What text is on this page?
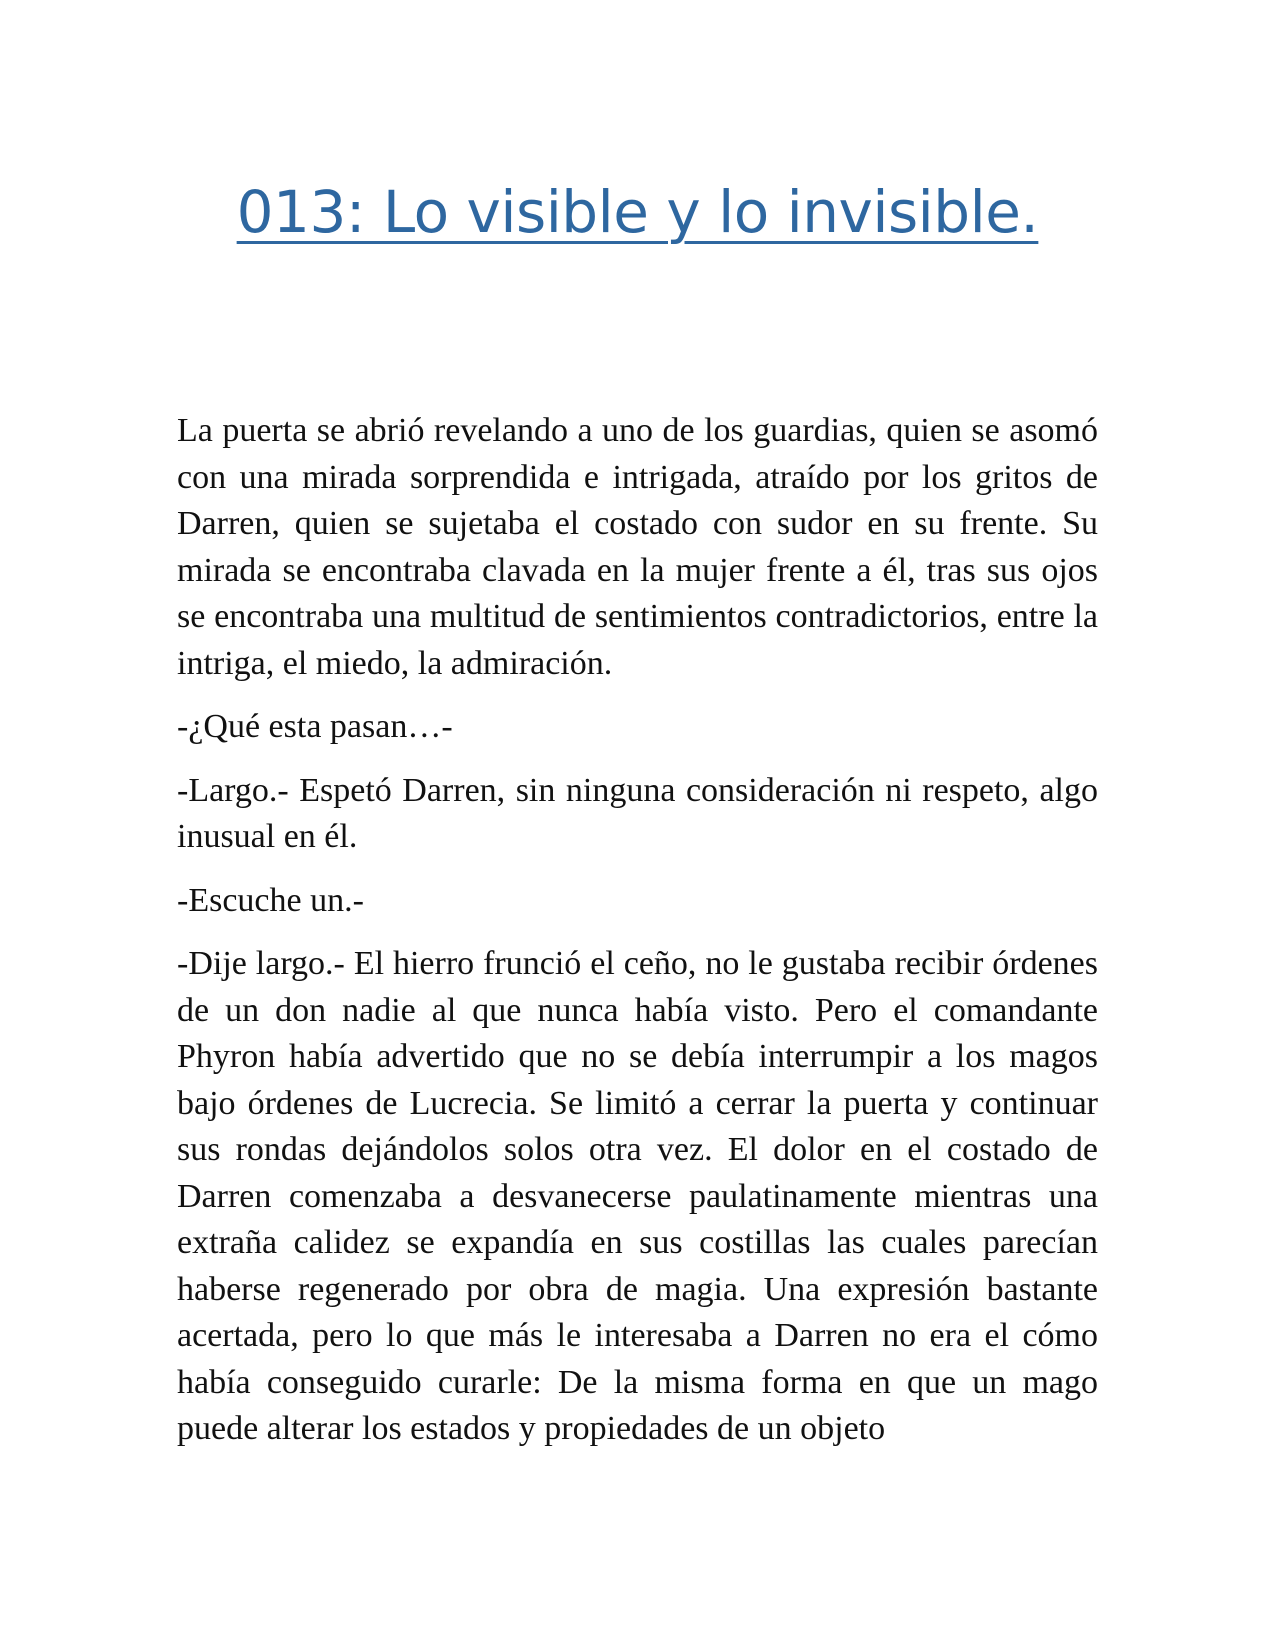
013: Lo visible y lo invisible.

La puerta se abrió revelando a uno de los guardias, quien se asomó con una mirada sorprendida e intrigada, atraído por los gritos de Darren, quien se sujetaba el costado con sudor en su frente. Su mirada se encontraba clavada en la mujer frente a él, tras sus ojos se encontraba una multitud de sentimientos contradictorios, entre la intriga, el miedo, la admiración.

-¿Qué esta pasan…-

-Largo.- Espetó Darren, sin ninguna consideración ni respeto, algo inusual en él.

-Escuche un.-

-Dije largo.- El hierro frunció el ceño, no le gustaba recibir órdenes de un don nadie al que nunca había visto. Pero el comandante Phyron había advertido que no se debía interrumpir a los magos bajo órdenes de Lucrecia. Se limitó a cerrar la puerta y continuar sus rondas dejándolos solos otra vez. El dolor en el costado de Darren comenzaba a desvanecerse paulatinamente mientras una extraña calidez se expandía en sus costillas las cuales parecían haberse regenerado por obra de magia. Una expresión bastante acertada, pero lo que más le interesaba a Darren no era el cómo había conseguido curarle: De la misma forma en que un mago puede alterar los estados y propiedades de un objeto
